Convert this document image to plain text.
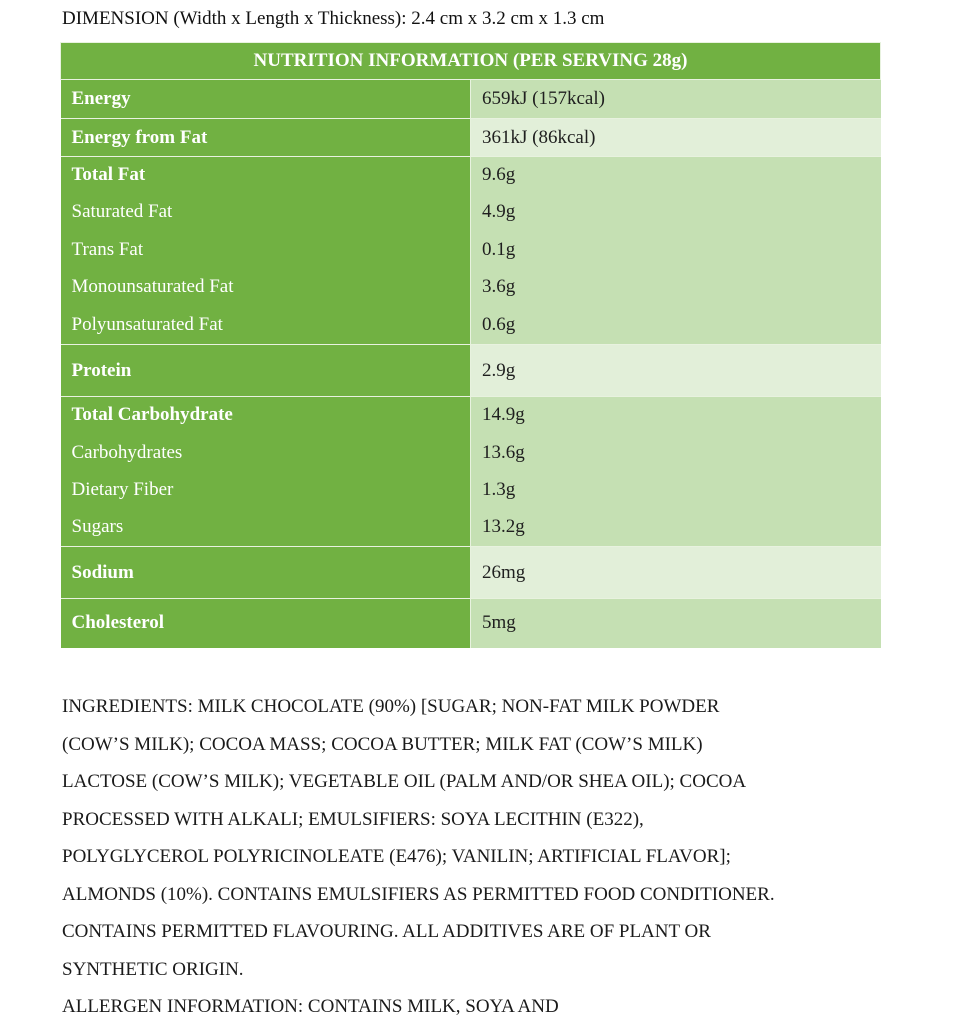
DIMENSION (Width x Length x Thickness): 2.4 cm x 3.2 cm x 1.3 cm
NUTRITION INFORMATION (PER SERVING 28g)	
Energy	659kJ (157kcal)
Energy from Fat	361kJ (86kcal)
Total Fat	9.6g
Saturated Fat	4.9g
Trans Fat	0.1g
Monounsaturated Fat	3.6g
Polyunsaturated Fat	0.6g
Protein	2.9g
Total Carbohydrate	14.9g
Carbohydrates	13.6g
Dietary Fiber	1.3g
Sugars	13.2g
Sodium	26mg
Cholesterol	5mg

INGREDIENTS: MILK CHOCOLATE (90%) [SUGAR; NON-FAT MILK POWDER

(COW’S MILK); COCOA MASS; COCOA BUTTER; MILK FAT (COW’S MILK)

LACTOSE (COW’S MILK); VEGETABLE OIL (PALM AND/OR SHEA OIL); COCOA

PROCESSED WITH ALKALI; EMULSIFIERS: SOYA LECITHIN (E322),

POLYGLYCEROL POLYRICINOLEATE (E476); VANILIN; ARTIFICIAL FLAVOR];

ALMONDS (10%). CONTAINS EMULSIFIERS AS PERMITTED FOOD CONDITIONER.

CONTAINS PERMITTED FLAVOURING. ALL ADDITIVES ARE OF PLANT OR

SYNTHETIC ORIGIN.

ALLERGEN INFORMATION: CONTAINS MILK, SOYA AND
